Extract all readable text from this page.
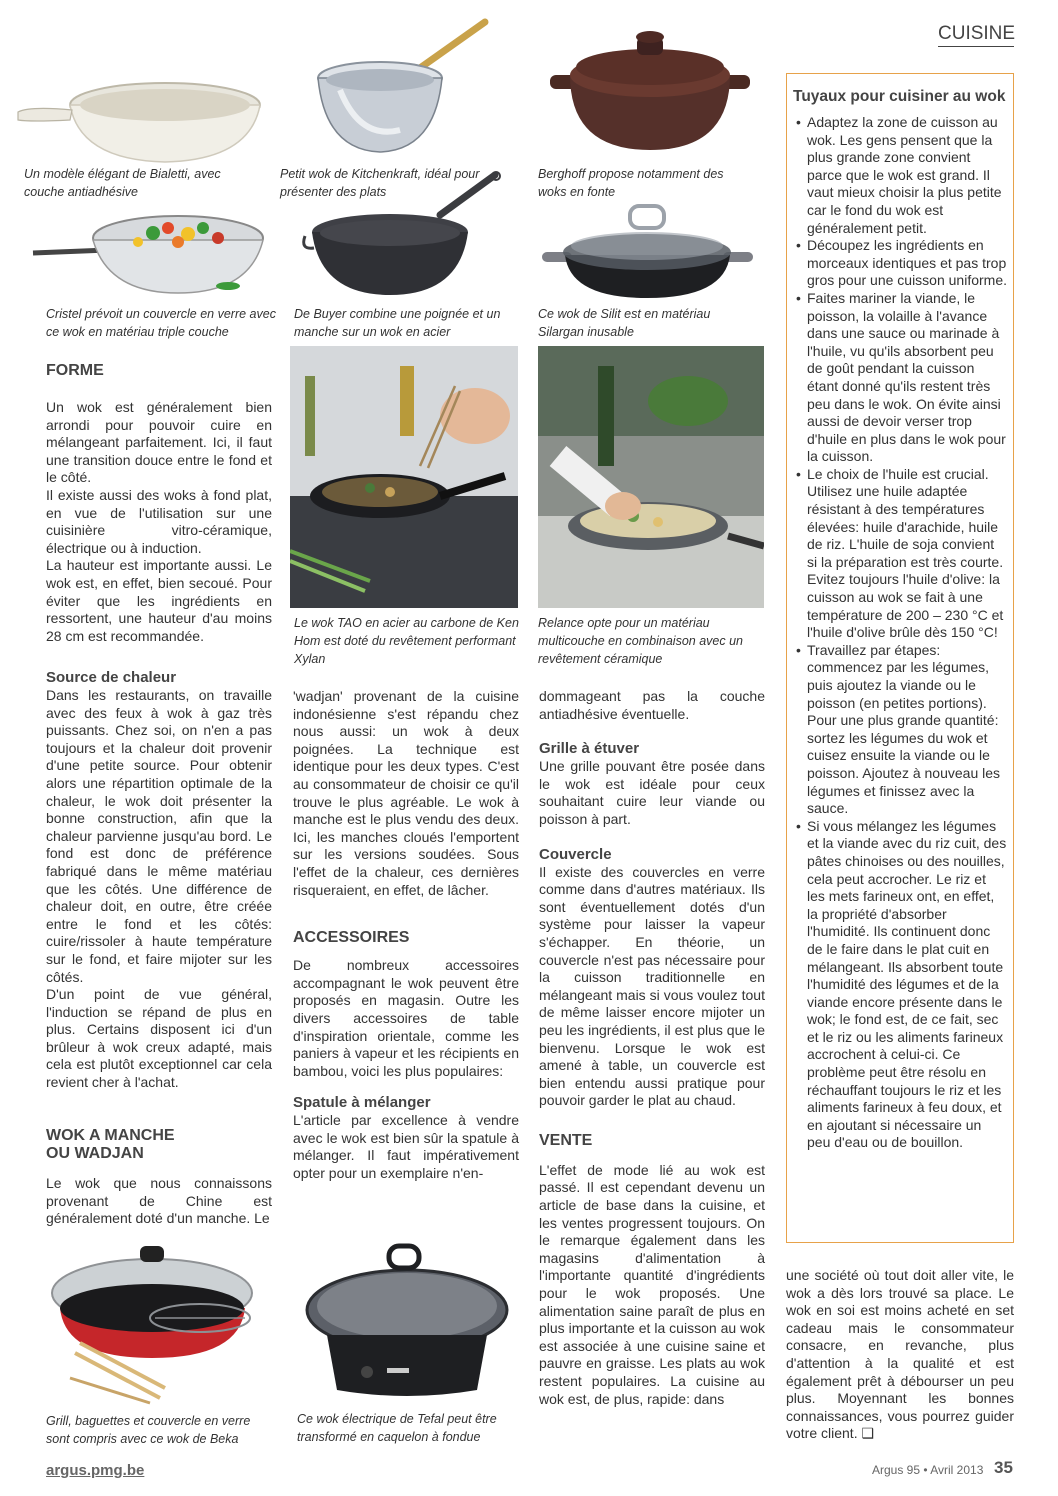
CUISINE
Un modèle élégant de Bialetti, avec couche antiadhésive
Petit wok de Kitchenkraft, idéal pour présenter des plats
Berghoff propose notamment des woks en fonte
Cristel prévoit un couvercle en verre avec ce wok en matériau triple couche
De Buyer combine une poignée et un manche sur un wok en acier
Ce wok de Silit est en matériau Silargan inusable
Le wok TAO en acier au carbone de Ken Hom est doté du revêtement performant Xylan
Relance opte pour un matériau multicouche en combinaison avec un revêtement céramique
Grill, baguettes et couvercle en verre sont compris avec ce wok de Beka
Ce wok électrique de Tefal peut être transformé en caquelon à fondue
FORME

Un wok est généralement bien arrondi pour pouvoir cuire en mélangeant parfaitement. Ici, il faut une transition douce entre le fond et le côté.

Il existe aussi des woks à fond plat, en vue de l'utilisation sur une cuisinière vitro-céramique, électrique ou à induction.

La hauteur est importante aussi. Le wok est, en effet, bien secoué. Pour éviter que les ingrédients en ressortent, une hauteur d'au moins 28 cm est recommandée.

Source de chaleur

Dans les restaurants, on travaille avec des feux à wok à gaz très puissants. Chez soi, on n'en a pas toujours et la chaleur doit provenir d'une petite source. Pour obtenir alors une répartition optimale de la chaleur, le wok doit présenter la bonne construction, afin que la chaleur parvienne jusqu'au bord. Le fond est donc de préférence fabriqué dans le même matériau que les côtés. Une différence de chaleur doit, en outre, être créée entre le fond et les côtés: cuire/rissoler à haute température sur le fond, et faire mijoter sur les côtés.

D'un point de vue général, l'induction se répand de plus en plus. Certains disposent ici d'un brûleur à wok creux adapté, mais cela est plutôt exceptionnel car cela revient cher à l'achat.

WOK A MANCHE OU WADJAN

Le wok que nous connaissons provenant de Chine est généralement doté d'un manche. Le

'wadjan' provenant de la cuisine indonésienne s'est répandu chez nous aussi: un wok à deux poignées. La technique est identique pour les deux types. C'est au consommateur de choisir ce qu'il trouve le plus agréable. Le wok à manche est le plus vendu des deux. Ici, les manches cloués l'emportent sur les versions soudées. Sous l'effet de la chaleur, ces dernières risqueraient, en effet, de lâcher.

ACCESSOIRES

De nombreux accessoires accompagnant le wok peuvent être proposés en magasin. Outre les divers accessoires de table d'inspiration orientale, comme les paniers à vapeur et les récipients en bambou, voici les plus populaires:

Spatule à mélanger

L'article par excellence à vendre avec le wok est bien sûr la spatule à mélanger. Il faut impérativement opter pour un exemplaire n'en-

dommageant pas la couche antiadhésive éventuelle.

Grille à étuver

Une grille pouvant être posée dans le wok est idéale pour ceux souhaitant cuire leur viande ou poisson à part.

Couvercle

Il existe des couvercles en verre comme dans d'autres matériaux. Ils sont éventuellement dotés d'un système pour laisser la vapeur s'échapper. En théorie, un couvercle n'est pas nécessaire pour la cuisson traditionnelle en mélangeant mais si vous voulez tout de même laisser encore mijoter un peu les ingrédients, il est plus que le bienvenu. Lorsque le wok est amené à table, un couvercle est bien entendu aussi pratique pour pouvoir garder le plat au chaud.

VENTE

L'effet de mode lié au wok est passé. Il est cependant devenu un article de base dans la cuisine, et les ventes progressent toujours. On le remarque également dans les magasins d'alimentation à l'importante quantité d'ingrédients pour le wok proposés. Une alimentation saine paraît de plus en plus importante et la cuisson au wok est associée à une cuisine saine et pauvre en graisse. Les plats au wok restent populaires. La cuisine au wok est, de plus, rapide: dans

Tuyaux pour cuisiner au wok
• Adaptez la zone de cuisson au wok. Les gens pensent que la plus grande zone convient parce que le wok est grand. Il vaut mieux choisir la plus petite car le fond du wok est généralement petit.
• Découpez les ingrédients en morceaux identiques et pas trop gros pour une cuisson uniforme.
• Faites mariner la viande, le poisson, la volaille à l'avance dans une sauce ou marinade à l'huile, vu qu'ils absorbent peu de goût pendant la cuisson étant donné qu'ils restent très peu dans le wok. On évite ainsi aussi de devoir verser trop d'huile en plus dans le wok pour la cuisson.
• Le choix de l'huile est crucial. Utilisez une huile adaptée résistant à des températures élevées: huile d'arachide, huile de riz. L'huile de soja convient si la préparation est très courte. Evitez toujours l'huile d'olive: la cuisson au wok se fait à une température de 200 – 230 °C et l'huile d'olive brûle dès 150 °C!
• Travaillez par étapes: commencez par les légumes, puis ajoutez la viande ou le poisson (en petites portions). Pour une plus grande quantité: sortez les légumes du wok et cuisez ensuite la viande ou le poisson. Ajoutez à nouveau les légumes et finissez avec la sauce.
• Si vous mélangez les légumes et la viande avec du riz cuit, des pâtes chinoises ou des nouilles, cela peut accrocher. Le riz et les mets farineux ont, en effet, la propriété d'absorber l'humidité. Ils continuent donc de le faire dans le plat cuit en mélangeant. Ils absorbent toute l'humidité des légumes et de la viande encore présente dans le wok; le fond est, de ce fait, sec et le riz ou les aliments farineux accrochent à celui-ci. Ce problème peut être résolu en réchauffant toujours le riz et les aliments farineux à feu doux, et en ajoutant si nécessaire un peu d'eau ou de bouillon.

une société où tout doit aller vite, le wok a dès lors trouvé sa place. Le wok en soi est moins acheté en set cadeau mais le consommateur consacre, en revanche, plus d'attention à la qualité et est également prêt à débourser un peu plus. Moyennant les bonnes connaissances, vous pourrez guider votre client. ❑

argus.pmg.be	Argus 95 • Avril 2013 35
